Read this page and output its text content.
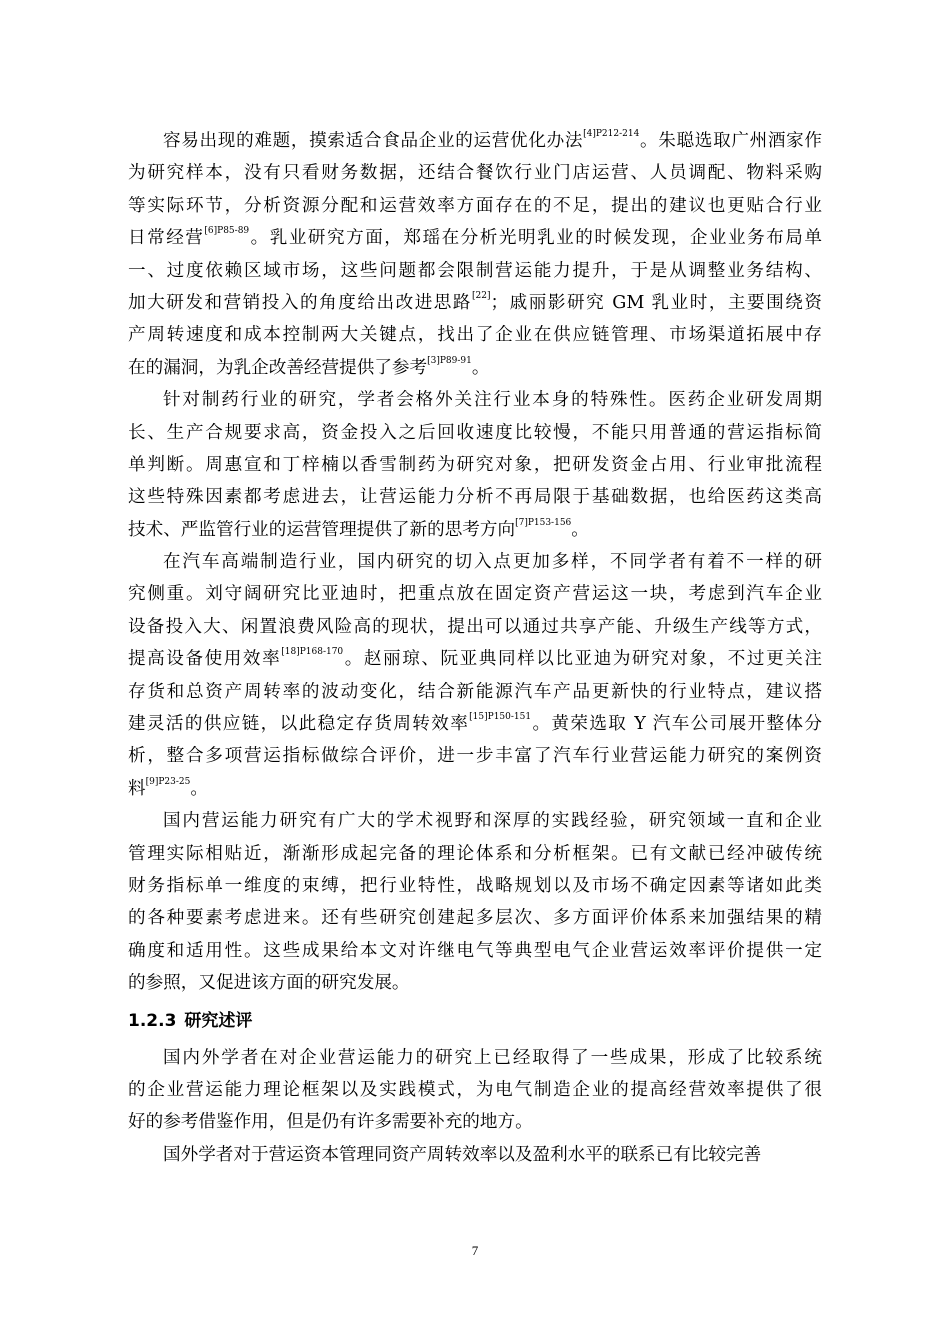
容易出现的难题，摸索适合食品企业的运营优化办法$^{[4]P212-214}$。朱聪选取广州酒家作
为研究样本，没有只看财务数据，还结合餐饮行业门店运营、人员调配、物料采购
等实际环节，分析资源分配和运营效率方面存在的不足，提出的建议也更贴合行业
日常经营$^{[6]P85-89}$。乳业研究方面，郑瑶在分析光明乳业的时候发现，企业业务布局单
一、过度依赖区域市场，这些问题都会限制营运能力提升，于是从调整业务结构、
加大研发和营销投入的角度给出改进思路[22]；戚丽影研究 GM 乳业时，主要围绕资
产周转速度和成本控制两大关键点，找出了企业在供应链管理、市场渠道拓展中存
在的漏洞，为乳企改善经营提供了参考$^{[3]P89-91}$。
针对制药行业的研究，学者会格外关注行业本身的特殊性。医药企业研发周期
长、生产合规要求高，资金投入之后回收速度比较慢，不能只用普通的营运指标简
单判断。周惠宣和丁梓楠以香雪制药为研究对象，把研发资金占用、行业审批流程
这些特殊因素都考虑进去，让营运能力分析不再局限于基础数据，也给医药这类高
技术、严监管行业的运营管理提供了新的思考方向$^{[7]P153-156}$。
在汽车高端制造行业，国内研究的切入点更加多样，不同学者有着不一样的研
究侧重。刘守阔研究比亚迪时，把重点放在固定资产营运这一块，考虑到汽车企业
设备投入大、闲置浪费风险高的现状，提出可以通过共享产能、升级生产线等方式，
提高设备使用效率$^{[18]P168-170}$。赵丽琼、阮亚典同样以比亚迪为研究对象，不过更关注
存货和总资产周转率的波动变化，结合新能源汽车产品更新快的行业特点，建议搭
建灵活的供应链，以此稳定存货周转效率$^{[15]P150-151}$。黄荣选取 Y 汽车公司展开整体分
析，整合多项营运指标做综合评价，进一步丰富了汽车行业营运能力研究的案例资
料$^{[9]P23-25}$。
国内营运能力研究有广大的学术视野和深厚的实践经验，研究领域一直和企业
管理实际相贴近，渐渐形成起完备的理论体系和分析框架。已有文献已经冲破传统
财务指标单一维度的束缚，把行业特性，战略规划以及市场不确定因素等诸如此类
的各种要素考虑进来。还有些研究创建起多层次、多方面评价体系来加强结果的精
确度和适用性。这些成果给本文对许继电气等典型电气企业营运效率评价提供一定
的参照，又促进该方面的研究发展。
1.2.3 研究述评
国内外学者在对企业营运能力的研究上已经取得了一些成果，形成了比较系统
的企业营运能力理论框架以及实践模式，为电气制造企业的提高经营效率提供了很
好的参考借鉴作用，但是仍有许多需要补充的地方。
国外学者对于营运资本管理同资产周转效率以及盈利水平的联系已有比较完善
7
